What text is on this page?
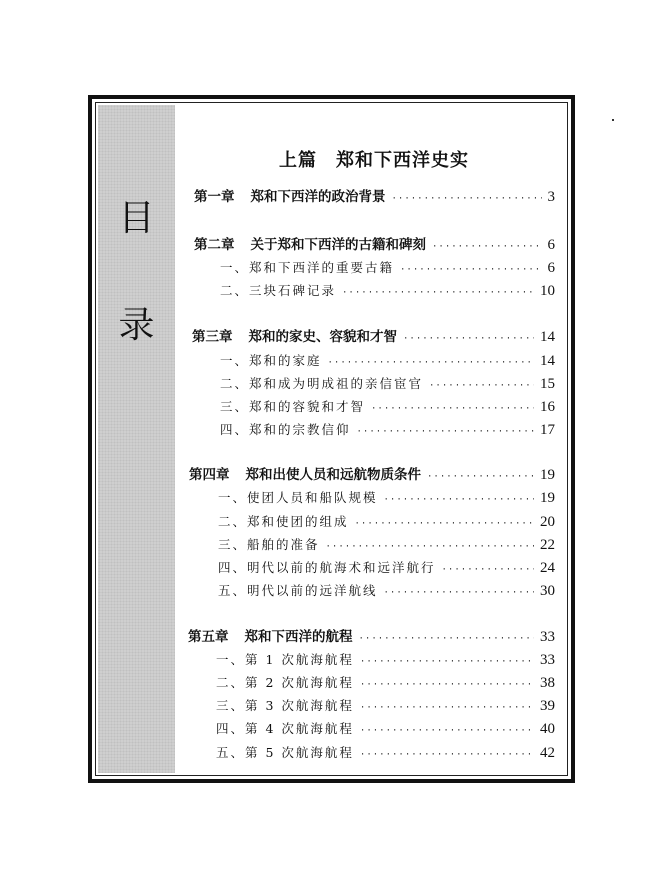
目
录
上篇　郑和下西洋史实
第一章 郑和下西洋的政治背景 ·····	3
第二章 关于郑和下西洋的古籍和碑刻 ·····	6
一、郑和下西洋的重要古籍 ·····	6
二、三块石碑记录 ·····	10
第三章 郑和的家史、容貌和才智 ·····	14
一、郑和的家庭 ·····	14
二、郑和成为明成祖的亲信宦官 ·····	15
三、郑和的容貌和才智 ·····	16
四、郑和的宗教信仰 ·····	17
第四章 郑和出使人员和远航物质条件 ·····	19
一、使团人员和船队规模 ·····	19
二、郑和使团的组成 ·····	20
三、船舶的准备 ·····	22
四、明代以前的航海术和远洋航行 ·····	24
五、明代以前的远洋航线 ·····	30
第五章 郑和下西洋的航程 ·····	33
一、第 1 次航海航程 ·····	33
二、第 2 次航海航程 ·····	38
三、第 3 次航海航程 ·····	39
四、第 4 次航海航程 ·····	40
五、第 5 次航海航程 ·····	42
